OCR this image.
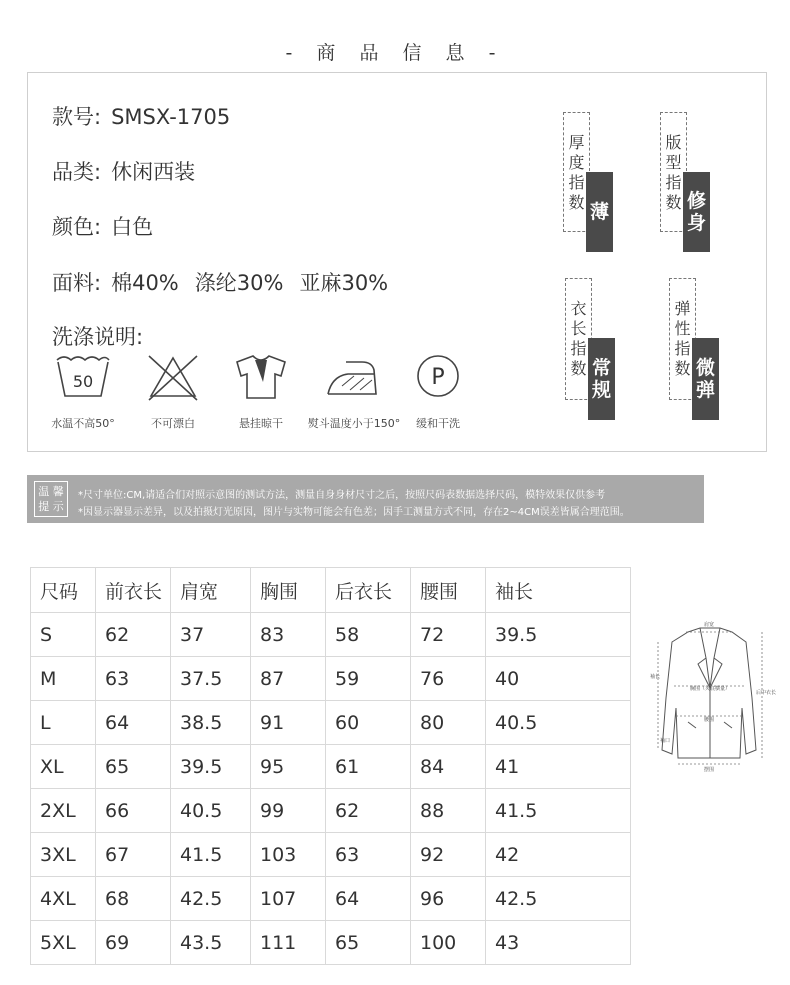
- 商 品 信 息 -
款号: SMSX-1705
品类: 休闲西装
颜色: 白色
面料: 棉40% 涤纶30% 亚麻30%
洗涤说明:
50	P
水温不高50°	不可漂白	悬挂晾干	熨斗温度小于150°	缓和干洗
厚
度
指
数 薄
版
型
指
数 修
身
衣
长
指
数 常
规
弹
性
指
数 微
弹
温 馨
提 示
*尺寸单位:CM,请适合们对照示意图的测试方法，测量自身身材尺寸之后，按照尺码表数据选择尺码，模特效果仅供参考
*因显示器显示差异，以及拍摄灯光原因，图片与实物可能会有色差；因手工测量方式不同，存在2~4CM误差皆属合理范围。
尺码	前衣长	肩宽	胸围	后衣长	腰围	袖长
S	62	37	83	58	72	39.5
M	63	37.5	87	59	76	40
L	64	38.5	91	60	80	40.5
XL	65	39.5	95	61	84	41
2XL	66	40.5	99	62	88	41.5
3XL	67	41.5	103	63	92	42
4XL	68	42.5	107	64	96	42.5
5XL	69	43.5	111	65	100	43
肩宽
胸围（夹底横量）
腰围
摆围
袖长
袖口
后中衣长
